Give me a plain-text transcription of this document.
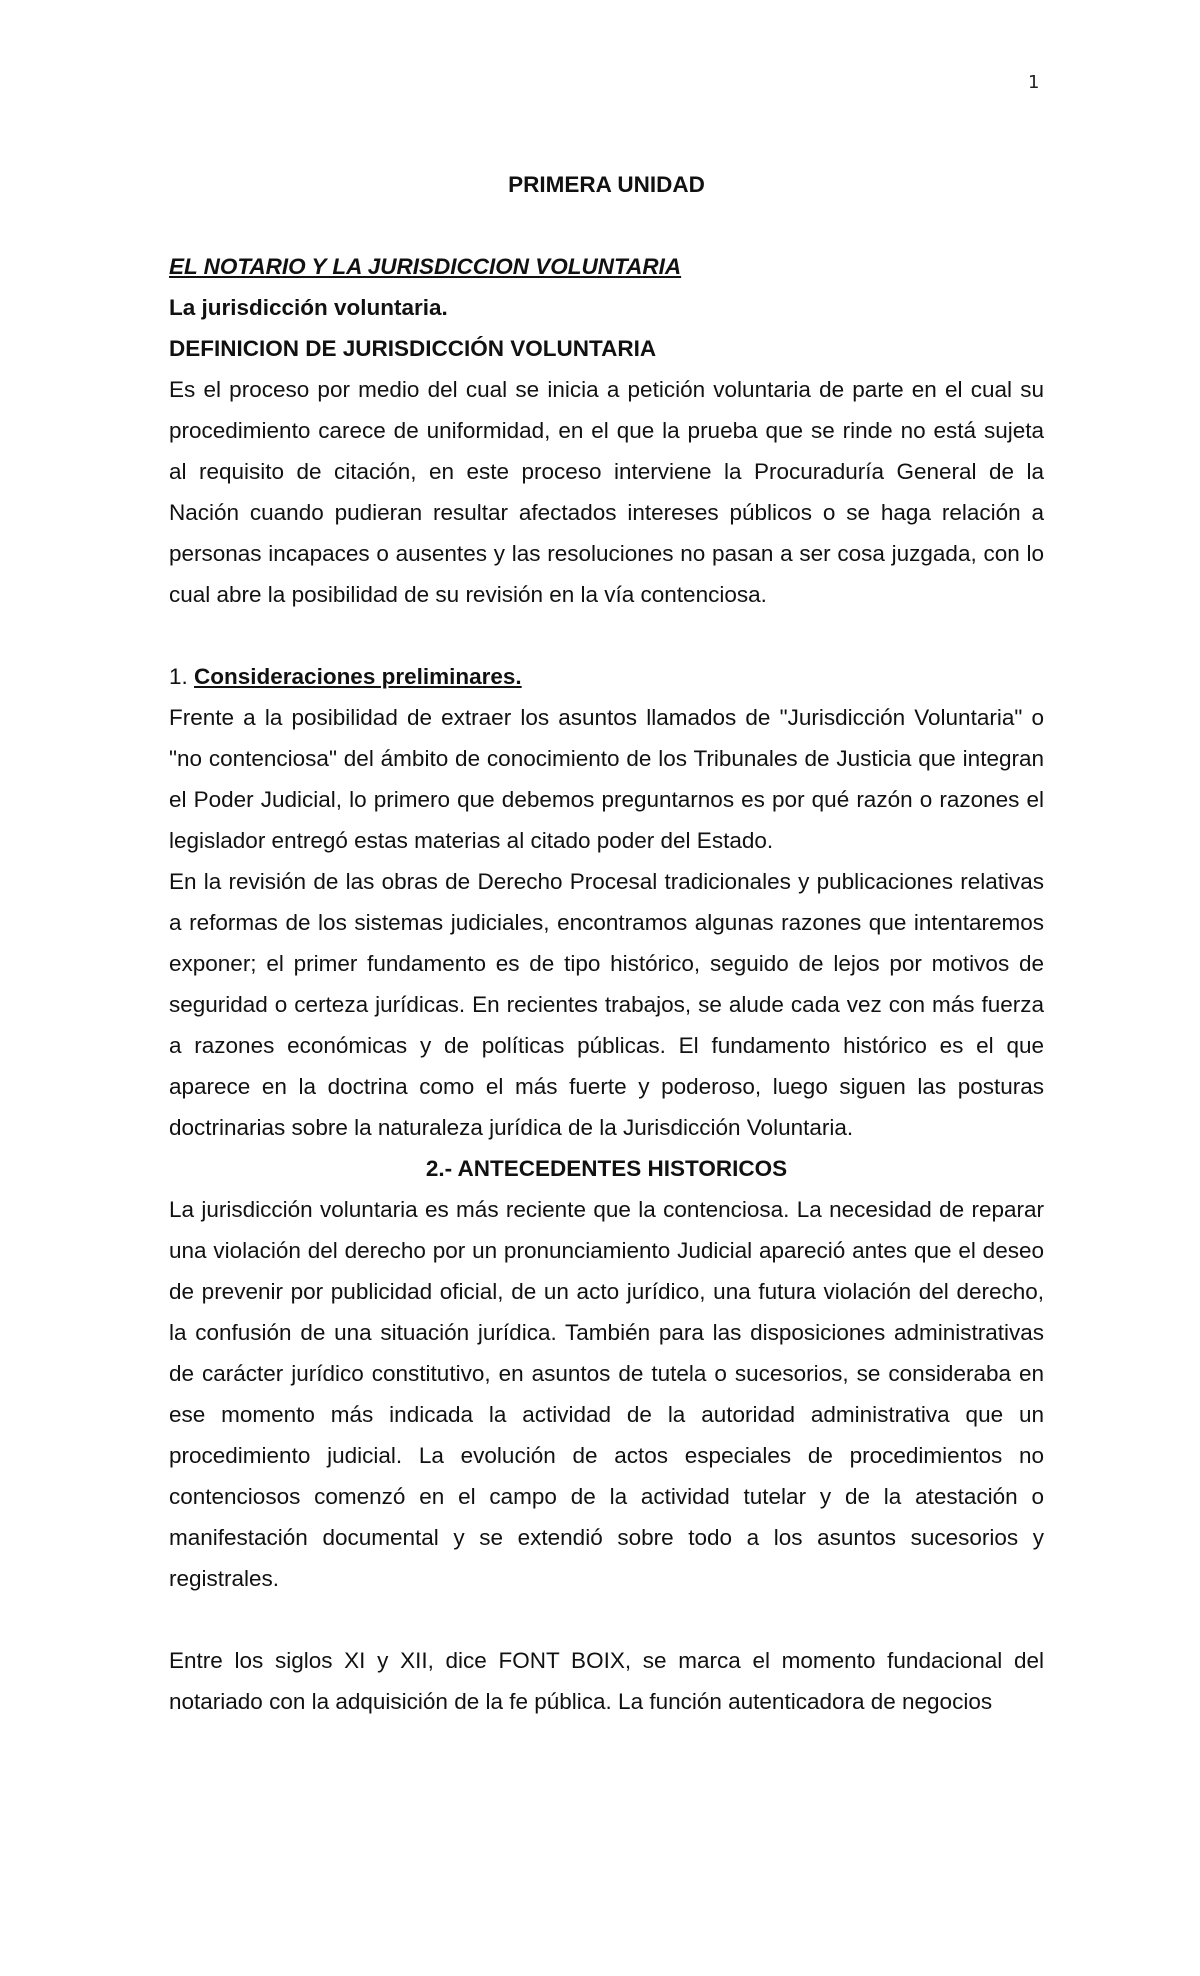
1

PRIMERA UNIDAD

EL NOTARIO Y LA JURISDICCION VOLUNTARIA

La jurisdicción voluntaria.

DEFINICION DE JURISDICCIÓN VOLUNTARIA

Es el proceso por medio del cual se inicia a petición voluntaria de parte en el cual su procedimiento carece de uniformidad, en el que la prueba que se rinde no está sujeta al requisito de citación, en este proceso interviene la Procuraduría General de la Nación cuando pudieran resultar afectados intereses públicos o se haga relación a personas incapaces o ausentes y las resoluciones no pasan a ser cosa juzgada, con lo cual abre la posibilidad de su revisión en la vía contenciosa.

1. Consideraciones preliminares.

Frente a la posibilidad de extraer los asuntos llamados de "Jurisdicción Voluntaria" o "no contenciosa" del ámbito de conocimiento de los Tribunales de Justicia que integran el Poder Judicial, lo primero que debemos preguntarnos es por qué razón o razones el legislador entregó estas materias al citado poder del Estado.

En la revisión de las obras de Derecho Procesal tradicionales y publicaciones relativas a reformas de los sistemas judiciales, encontramos algunas razones que intentaremos exponer; el primer fundamento es de tipo histórico, seguido de lejos por motivos de seguridad o certeza jurídicas. En recientes trabajos, se alude cada vez con más fuerza a razones económicas y de políticas públicas. El fundamento histórico es el que aparece en la doctrina como el más fuerte y poderoso, luego siguen las posturas doctrinarias sobre la naturaleza jurídica de la Jurisdicción Voluntaria.

2.- ANTECEDENTES HISTORICOS

La jurisdicción voluntaria es más reciente que la contenciosa. La necesidad de reparar una violación del derecho por un pronunciamiento Judicial apareció antes que el deseo de prevenir por publicidad oficial, de un acto jurídico, una futura violación del derecho, la confusión de una situación jurídica. También para las disposiciones administrativas de carácter jurídico constitutivo, en asuntos de tutela o sucesorios, se consideraba en ese momento más indicada la actividad de la autoridad administrativa que un procedimiento judicial. La evolución de actos especiales de procedimientos no contenciosos comenzó en el campo de la actividad tutelar y de la atestación o manifestación documental y se extendió sobre todo a los asuntos sucesorios y registrales.

Entre los siglos XI y XII, dice FONT BOIX, se marca el momento fundacional del notariado con la adquisición de la fe pública. La función autenticadora de negocios
